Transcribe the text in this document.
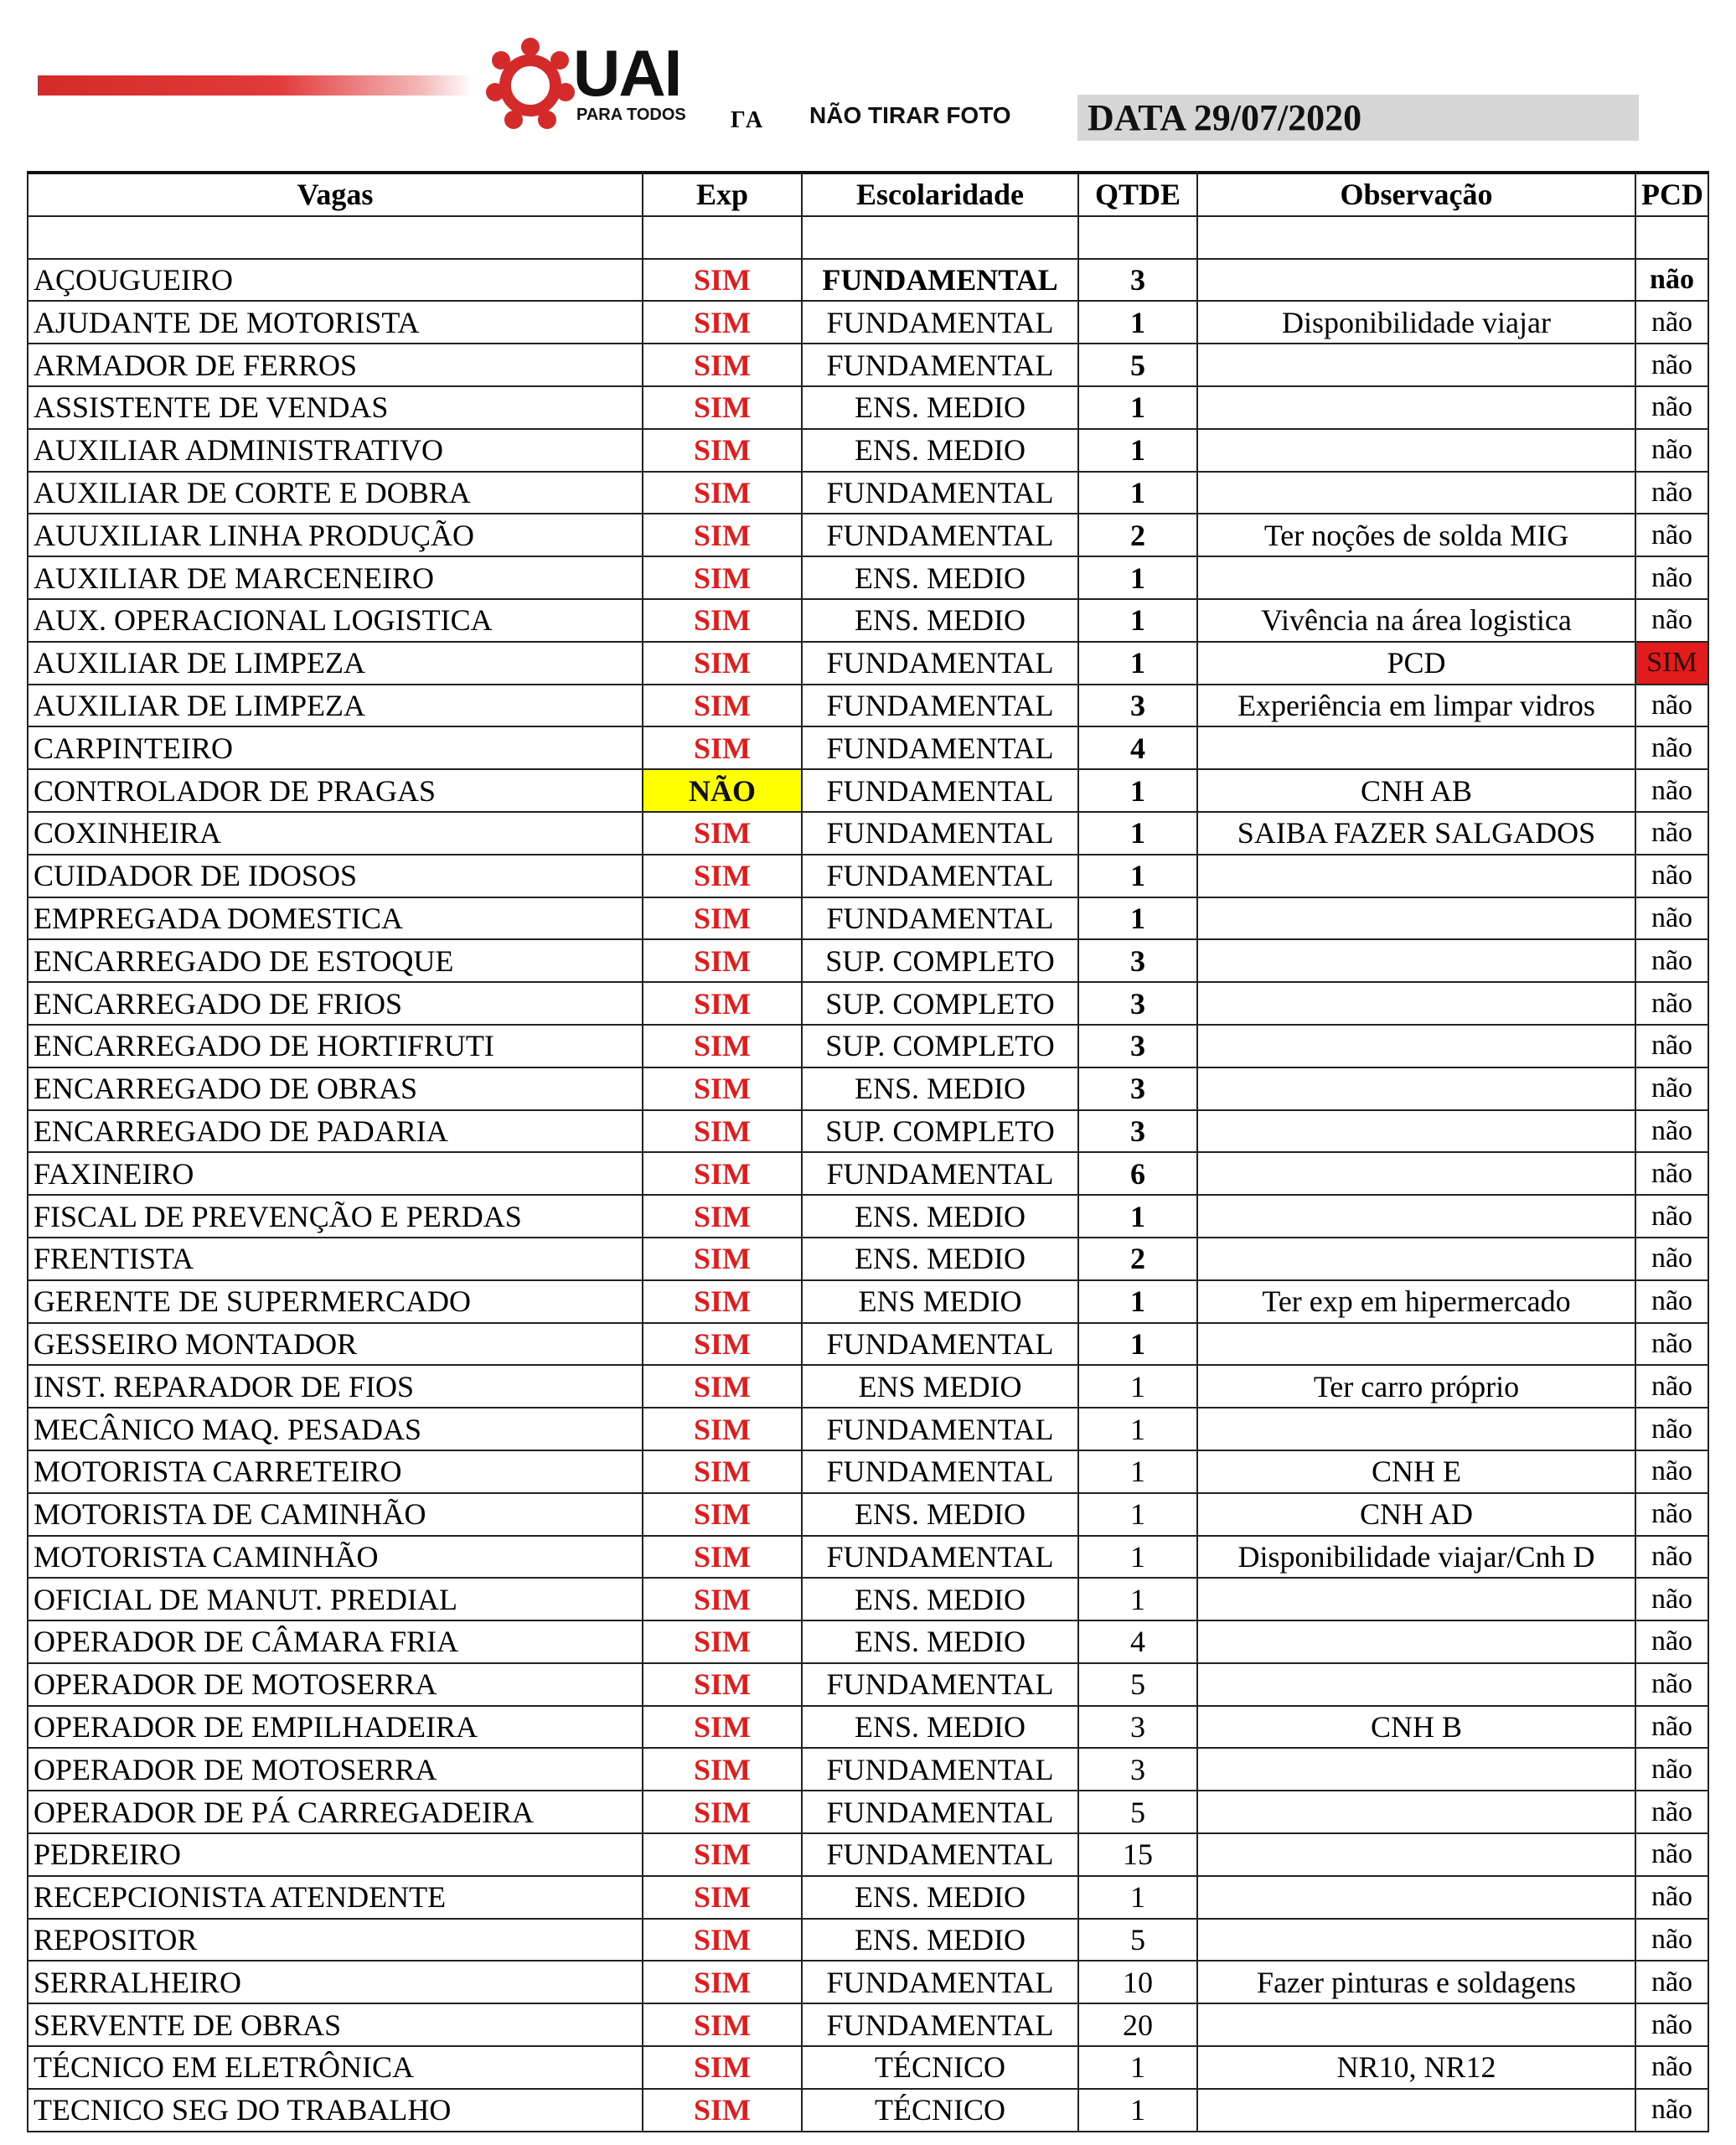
UAI
PARA TODOS ΓA NÃO TIRAR FOTO DATA 29/07/2020
Vagas	Exp	Escolaridade	QTDE	Observação	PCD

AÇOUGUEIRO	SIM	FUNDAMENTAL	3		não
AJUDANTE DE MOTORISTA	SIM	FUNDAMENTAL	1	Disponibilidade viajar	não
ARMADOR DE FERROS	SIM	FUNDAMENTAL	5		não
ASSISTENTE DE VENDAS	SIM	ENS. MEDIO	1		não
AUXILIAR ADMINISTRATIVO	SIM	ENS. MEDIO	1		não
AUXILIAR DE CORTE E DOBRA	SIM	FUNDAMENTAL	1		não
AUUXILIAR LINHA PRODUÇÃO	SIM	FUNDAMENTAL	2	Ter noções de solda MIG	não
AUXILIAR DE MARCENEIRO	SIM	ENS. MEDIO	1		não
AUX. OPERACIONAL LOGISTICA	SIM	ENS. MEDIO	1	Vivência na área logistica	não
AUXILIAR DE LIMPEZA	SIM	FUNDAMENTAL	1	PCD	SIM
AUXILIAR DE LIMPEZA	SIM	FUNDAMENTAL	3	Experiência em limpar vidros	não
CARPINTEIRO	SIM	FUNDAMENTAL	4		não
CONTROLADOR DE PRAGAS	NÃO	FUNDAMENTAL	1	CNH AB	não
COXINHEIRA	SIM	FUNDAMENTAL	1	SAIBA FAZER SALGADOS	não
CUIDADOR DE IDOSOS	SIM	FUNDAMENTAL	1		não
EMPREGADA DOMESTICA	SIM	FUNDAMENTAL	1		não
ENCARREGADO DE ESTOQUE	SIM	SUP. COMPLETO	3		não
ENCARREGADO DE FRIOS	SIM	SUP. COMPLETO	3		não
ENCARREGADO DE HORTIFRUTI	SIM	SUP. COMPLETO	3		não
ENCARREGADO DE OBRAS	SIM	ENS. MEDIO	3		não
ENCARREGADO DE PADARIA	SIM	SUP. COMPLETO	3		não
FAXINEIRO	SIM	FUNDAMENTAL	6		não
FISCAL DE PREVENÇÃO E PERDAS	SIM	ENS. MEDIO	1		não
FRENTISTA	SIM	ENS. MEDIO	2		não
GERENTE DE SUPERMERCADO	SIM	ENS MEDIO	1	Ter exp em hipermercado	não
GESSEIRO MONTADOR	SIM	FUNDAMENTAL	1		não
INST. REPARADOR DE FIOS	SIM	ENS MEDIO	1	Ter carro próprio	não
MECÂNICO MAQ. PESADAS	SIM	FUNDAMENTAL	1		não
MOTORISTA CARRETEIRO	SIM	FUNDAMENTAL	1	CNH E	não
MOTORISTA DE CAMINHÃO	SIM	ENS. MEDIO	1	CNH AD	não
MOTORISTA CAMINHÃO	SIM	FUNDAMENTAL	1	Disponibilidade viajar/Cnh D	não
OFICIAL DE MANUT. PREDIAL	SIM	ENS. MEDIO	1		não
OPERADOR DE CÂMARA FRIA	SIM	ENS. MEDIO	4		não
OPERADOR DE MOTOSERRA	SIM	FUNDAMENTAL	5		não
OPERADOR DE EMPILHADEIRA	SIM	ENS. MEDIO	3	CNH B	não
OPERADOR DE MOTOSERRA	SIM	FUNDAMENTAL	3		não
OPERADOR DE PÁ CARREGADEIRA	SIM	FUNDAMENTAL	5		não
PEDREIRO	SIM	FUNDAMENTAL	15		não
RECEPCIONISTA ATENDENTE	SIM	ENS. MEDIO	1		não
REPOSITOR	SIM	ENS. MEDIO	5		não
SERRALHEIRO	SIM	FUNDAMENTAL	10	Fazer pinturas e soldagens	não
SERVENTE DE OBRAS	SIM	FUNDAMENTAL	20		não
TÉCNICO EM ELETRÔNICA	SIM	TÉCNICO	1	NR10, NR12	não
TECNICO SEG DO TRABALHO	SIM	TÉCNICO	1		não
